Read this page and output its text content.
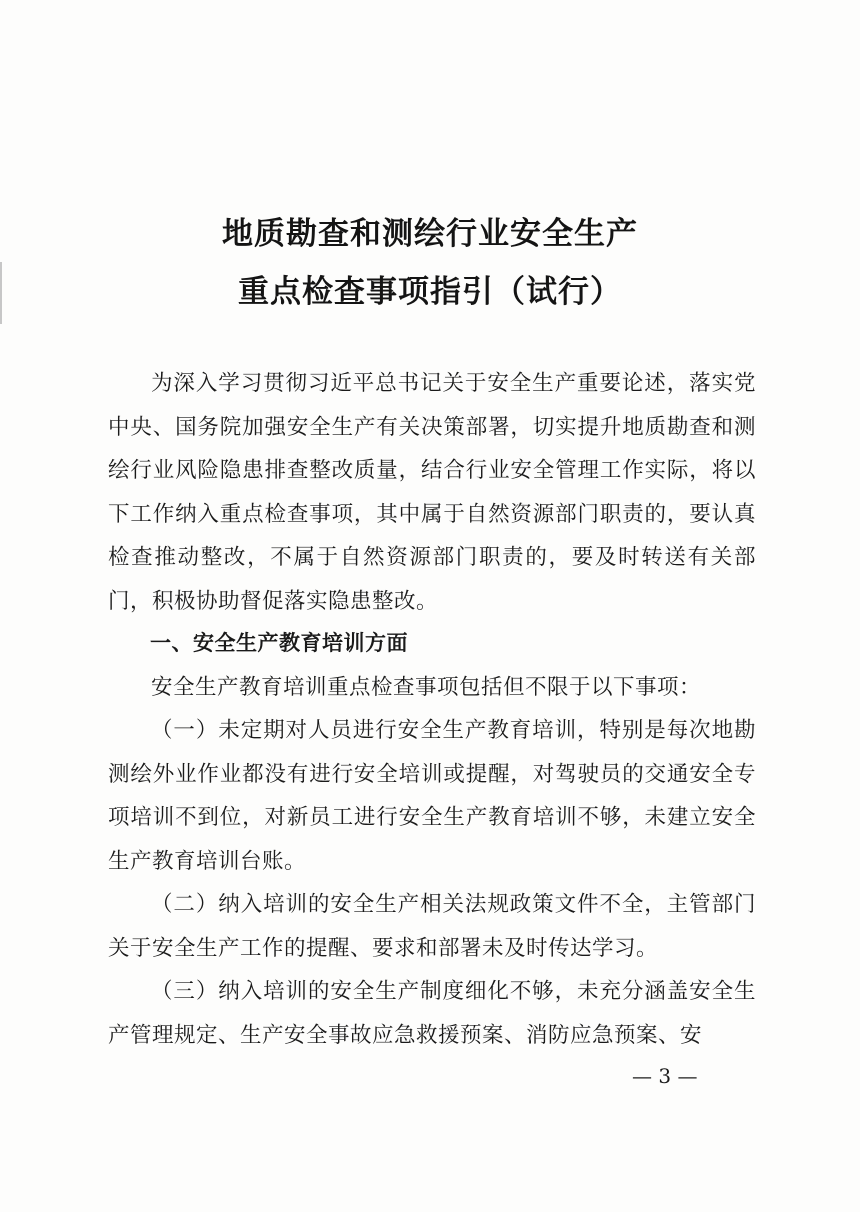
地质勘查和测绘行业安全生产
重点检查事项指引（试行）

为深入学习贯彻习近平总书记关于安全生产重要论述，落实党中央、国务院加强安全生产有关决策部署，切实提升地质勘查和测绘行业风险隐患排查整改质量，结合行业安全管理工作实际，将以下工作纳入重点检查事项，其中属于自然资源部门职责的，要认真检查推动整改，不属于自然资源部门职责的，要及时转送有关部门，积极协助督促落实隐患整改。

一、安全生产教育培训方面

安全生产教育培训重点检查事项包括但不限于以下事项：

（一）未定期对人员进行安全生产教育培训，特别是每次地勘测绘外业作业都没有进行安全培训或提醒，对驾驶员的交通安全专项培训不到位，对新员工进行安全生产教育培训不够，未建立安全生产教育培训台账。

（二）纳入培训的安全生产相关法规政策文件不全，主管部门关于安全生产工作的提醒、要求和部署未及时传达学习。

（三）纳入培训的安全生产制度细化不够，未充分涵盖安全生产管理规定、生产安全事故应急救援预案、消防应急预案、安

— 3 —
